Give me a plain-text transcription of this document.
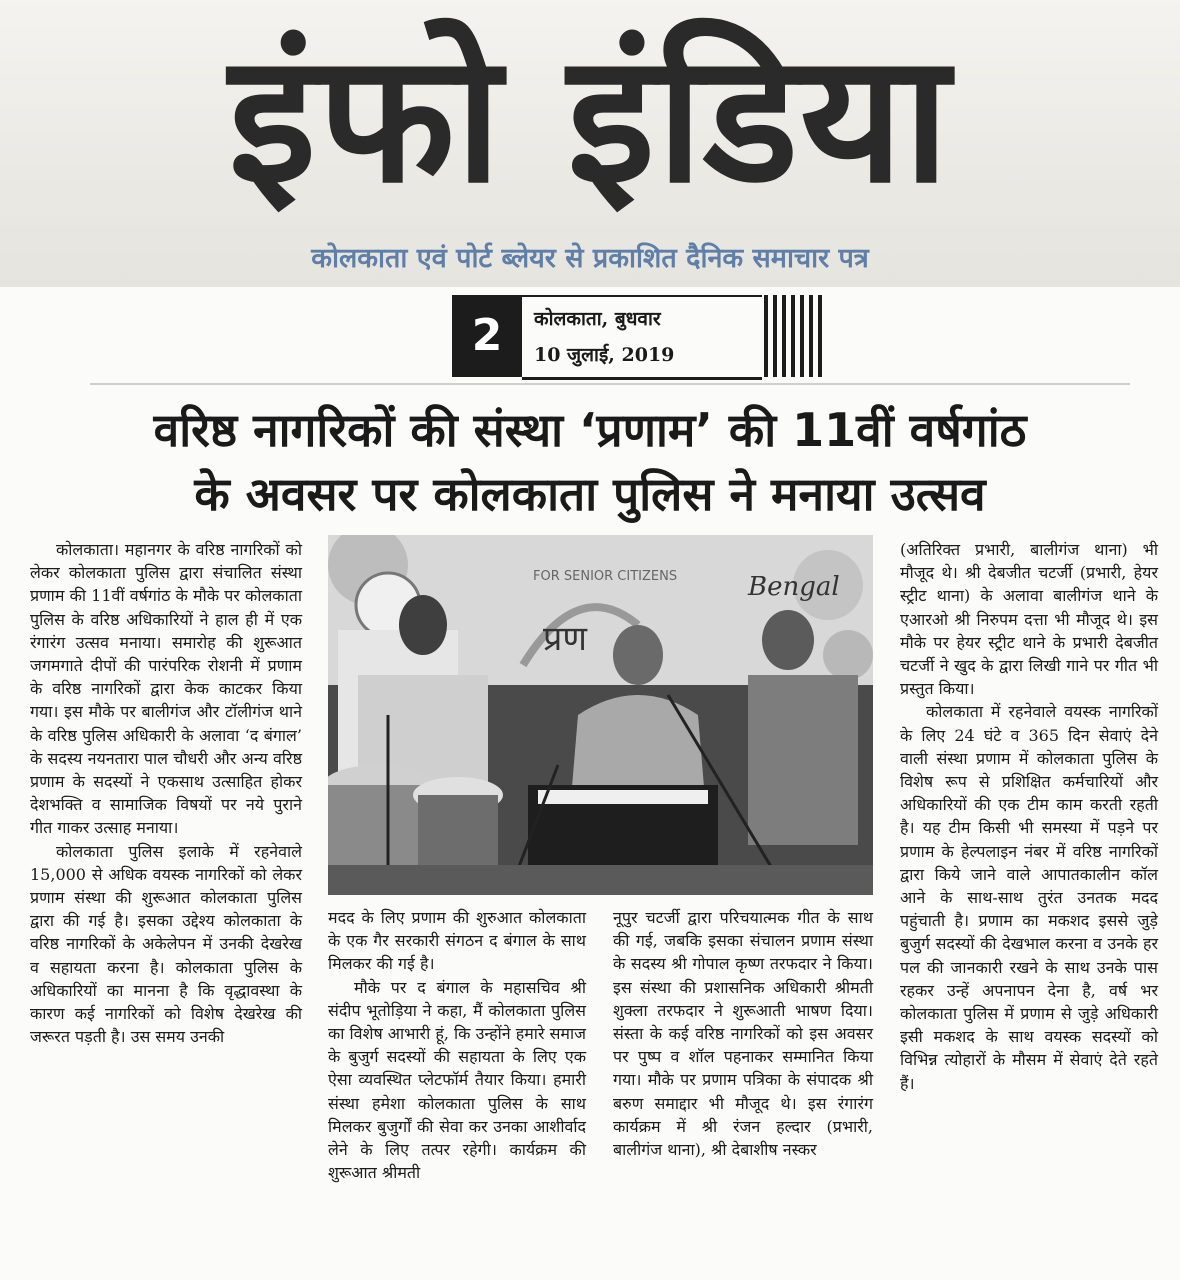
इंफो इंडिया
कोलकाता एवं पोर्ट ब्लेयर से प्रकाशित दैनिक समाचार पत्र
2	कोलकाता, बुधवार
10 जुलाई, 2019
वरिष्ठ नागरिकों की संस्था ‘प्रणाम’ की 11वीं वर्षगांठ
के अवसर पर कोलकाता पुलिस ने मनाया उत्सव

कोलकाता। महानगर के वरिष्ठ नागरिकों को लेकर कोलकाता पुलिस द्वारा संचालित संस्था प्रणाम की 11वीं वर्षगांठ के मौके पर कोलकाता पुलिस के वरिष्ठ अधिकारियों ने हाल ही में एक रंगारंग उत्सव मनाया। समारोह की शुरूआत जगमगाते दीपों की पारंपरिक रोशनी में प्रणाम के वरिष्ठ नागरिकों द्वारा केक काटकर किया गया। इस मौके पर बालीगंज और टॉलीगंज थाने के वरिष्ठ पुलिस अधिकारी के अलावा ‘द बंगाल’ के सदस्य नयनतारा पाल चौधरी और अन्य वरिष्ठ प्रणाम के सदस्यों ने एकसाथ उत्साहित होकर देशभक्ति व सामाजिक विषयों पर नये पुराने गीत गाकर उत्साह मनाया।

कोलकाता पुलिस इलाके में रहनेवाले 15,000 से अधिक वयस्क नागरिकों को लेकर प्रणाम संस्था की शुरूआत कोलकाता पुलिस द्वारा की गई है। इसका उद्देश्य कोलकाता के वरिष्ठ नागरिकों के अकेलेपन में उनकी देखरेख व सहायता करना है। कोलकाता पुलिस के अधिकारियों का मानना है कि वृद्धावस्था के कारण कई नागरिकों को विशेष देखरेख की जरूरत पड़ती है। उस समय उनकी

FOR SENIOR CITIZENS	Bengal
प्रण

मदद के लिए प्रणाम की शुरुआत कोलकाता के एक गैर सरकारी संगठन द बंगाल के साथ मिलकर की गई है।

मौके पर द बंगाल के महासचिव श्री संदीप भूतोड़िया ने कहा, मैं कोलकाता पुलिस का विशेष आभारी हूं, कि उन्होंने हमारे समाज के बुजुर्ग सदस्यों की सहायता के लिए एक ऐसा व्यवस्थित प्लेटफॉर्म तैयार किया। हमारी संस्था हमेशा कोलकाता पुलिस के साथ मिलकर बुजुर्गों की सेवा कर उनका आशीर्वाद लेने के लिए तत्पर रहेगी। कार्यक्रम की शुरूआत श्रीमती

नूपुर चटर्जी द्वारा परिचयात्मक गीत के साथ की गई, जबकि इसका संचालन प्रणाम संस्था के सदस्य श्री गोपाल कृष्ण तरफदार ने किया। इस संस्था की प्रशासनिक अधिकारी श्रीमती शुक्ला तरफदार ने शुरूआती भाषण दिया। संस्ता के कई वरिष्ठ नागरिकों को इस अवसर पर पुष्प व शॉल पहनाकर सम्मानित किया गया। मौके पर प्रणाम पत्रिका के संपादक श्री बरुण समाद्दार भी मौजूद थे। इस रंगारंग कार्यक्रम में श्री रंजन हल्दार (प्रभारी, बालीगंज थाना), श्री देबाशीष नस्कर

(अतिरिक्त प्रभारी, बालीगंज थाना) भी मौजूद थे। श्री देबजीत चटर्जी (प्रभारी, हेयर स्ट्रीट थाना) के अलावा बालीगंज थाने के एआरओ श्री निरुपम दत्ता भी मौजूद थे। इस मौके पर हेयर स्ट्रीट थाने के प्रभारी देबजीत चटर्जी ने खुद के द्वारा लिखी गाने पर गीत भी प्रस्तुत किया।

कोलकाता में रहनेवाले वयस्क नागरिकों के लिए 24 घंटे व 365 दिन सेवाएं देने वाली संस्था प्रणाम में कोलकाता पुलिस के विशेष रूप से प्रशिक्षित कर्मचारियों और अधिकारियों की एक टीम काम करती रहती है। यह टीम किसी भी समस्या में पड़ने पर प्रणाम के हेल्पलाइन नंबर में वरिष्ठ नागरिकों द्वारा किये जाने वाले आपातकालीन कॉल आने के साथ-साथ तुरंत उनतक मदद पहुंचाती है। प्रणाम का मकशद इससे जुड़े बुजुर्ग सदस्यों की देखभाल करना व उनके हर पल की जानकारी रखने के साथ उनके पास रहकर उन्हें अपनापन देना है, वर्ष भर कोलकाता पुलिस में प्रणाम से जुड़े अधिकारी इसी मकशद के साथ वयस्क सदस्यों को विभिन्न त्योहारों के मौसम में सेवाएं देते रहते हैं।
